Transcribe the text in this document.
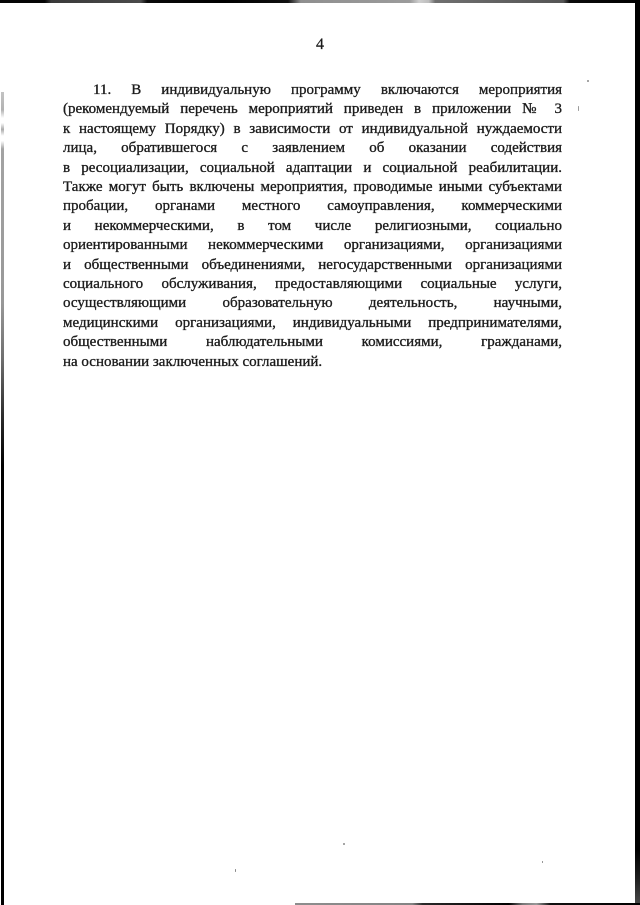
4
11. В индивидуальную программу включаются мероприятия
(рекомендуемый перечень мероприятий приведен в приложении № 3
к настоящему Порядку) в зависимости от индивидуальной нуждаемости
лица, обратившегося с заявлением об оказании содействия
в ресоциализации, социальной адаптации и социальной реабилитации.
Также могут быть включены мероприятия, проводимые иными субъектами
пробации, органами местного самоуправления, коммерческими
и некоммерческими, в том числе религиозными, социально
ориентированными некоммерческими организациями, организациями
и общественными объединениями, негосударственными организациями
социального обслуживания, предоставляющими социальные услуги,
осуществляющими образовательную деятельность, научными,
медицинскими организациями, индивидуальными предпринимателями,
общественными наблюдательными комиссиями, гражданами,
на основании заключенных соглашений.
